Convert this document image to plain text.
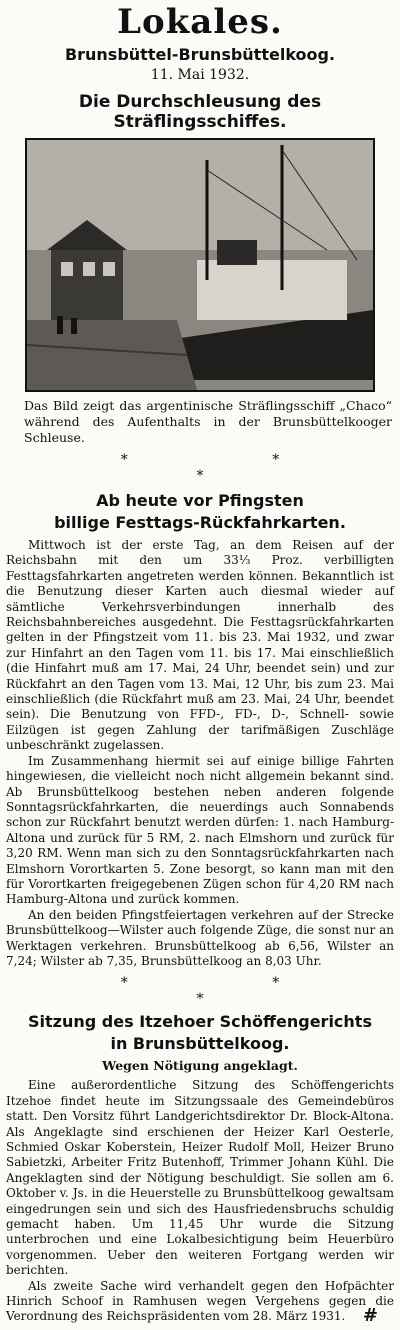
Lokales.
Brunsbüttel-Brunsbüttelkoog.
11. Mai 1932.
Die Durchschleusung des Sträflingsschiffes.
Das Bild zeigt das argentinische Sträflingsschiff „Chaco“ während des Aufenthalts in der Brunsbüttelkooger Schleuse.
* * *
Ab heute vor Pfingsten
billige Festtags-Rückfahrkarten.

Mittwoch ist der erste Tag, an dem Reisen auf der Reichsbahn mit den um 33⅓ Proz. verbilligten Festtagsfahrkarten angetreten werden können. Bekanntlich ist die Benutzung dieser Karten auch diesmal wieder auf sämtliche Verkehrsverbindungen innerhalb des Reichsbahnbereiches ausgedehnt. Die Festtagsrückfahrkarten gelten in der Pfingstzeit vom 11. bis 23. Mai 1932, und zwar zur Hinfahrt an den Tagen vom 11. bis 17. Mai einschließlich (die Hinfahrt muß am 17. Mai, 24 Uhr, beendet sein) und zur Rückfahrt an den Tagen vom 13. Mai, 12 Uhr, bis zum 23. Mai einschließlich (die Rückfahrt muß am 23. Mai, 24 Uhr, beendet sein). Die Benutzung von FFD-, FD-, D-, Schnell- sowie Eilzügen ist gegen Zahlung der tarifmäßigen Zuschläge unbeschränkt zugelassen.

Im Zusammenhang hiermit sei auf einige billige Fahrten hingewiesen, die vielleicht noch nicht allgemein bekannt sind. Ab Brunsbüttelkoog bestehen neben anderen folgende Sonntagsrückfahrkarten, die neuerdings auch Sonnabends schon zur Rückfahrt benutzt werden dürfen: 1. nach Hamburg-Altona und zurück für 5 RM, 2. nach Elmshorn und zurück für 3,20 RM. Wenn man sich zu den Sonntagsrückfahrkarten nach Elmshorn Vorortkarten 5. Zone besorgt, so kann man mit den für Vorortkarten freigegebenen Zügen schon für 4,20 RM nach Hamburg-Altona und zurück kommen.

An den beiden Pfingstfeiertagen verkehren auf der Strecke Brunsbüttelkoog—Wilster auch folgende Züge, die sonst nur an Werktagen verkehren. Brunsbüttelkoog ab 6,56, Wilster an 7,24; Wilster ab 7,35, Brunsbüttelkoog an 8,03 Uhr.

* * *
Sitzung des Itzehoer Schöffengerichts
in Brunsbüttelkoog.
Wegen Nötigung angeklagt.

Eine außerordentliche Sitzung des Schöffengerichts Itzehoe findet heute im Sitzungssaale des Gemeindebüros statt. Den Vorsitz führt Landgerichtsdirektor Dr. Block-Altona. Als Angeklagte sind erschienen der Heizer Karl Oesterle, Schmied Oskar Koberstein, Heizer Rudolf Moll, Heizer Bruno Sabietzki, Arbeiter Fritz Butenhoff, Trimmer Johann Kühl. Die Angeklagten sind der Nötigung beschuldigt. Sie sollen am 6. Oktober v. Js. in die Heuerstelle zu Brunsbüttelkoog gewaltsam eingedrungen sein und sich des Hausfriedensbruchs schuldig gemacht haben. Um 11,45 Uhr wurde die Sitzung unterbrochen und eine Lokalbesichtigung beim Heuerbüro vorgenommen. Ueber den weiteren Fortgang werden wir berichten.

Als zweite Sache wird verhandelt gegen den Hofpächter Hinrich Schoof in Ramhusen wegen Vergehens gegen die Verordnung des Reichspräsidenten vom 28. März 1931. #
